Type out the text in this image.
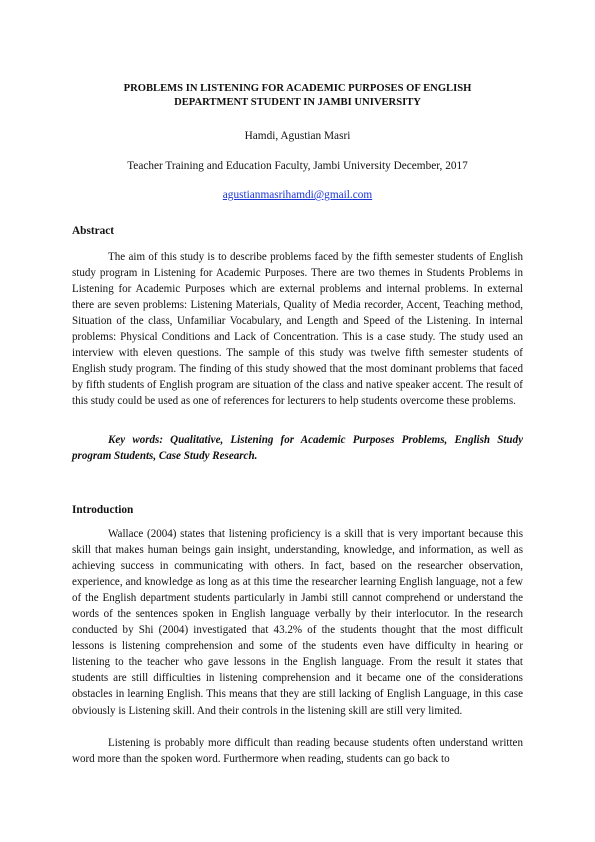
PROBLEMS IN LISTENING FOR ACADEMIC PURPOSES OF ENGLISH
DEPARTMENT STUDENT IN JAMBI UNIVERSITY
Hamdi, Agustian Masri
Teacher Training and Education Faculty, Jambi University December, 2017
agustianmasrihamdi@gmail.com
Abstract

The aim of this study is to describe problems faced by the fifth semester students of English study program in Listening for Academic Purposes. There are two themes in Students Problems in Listening for Academic Purposes which are external problems and internal problems. In external there are seven problems: Listening Materials, Quality of Media recorder, Accent, Teaching method, Situation of the class, Unfamiliar Vocabulary, and Length and Speed of the Listening. In internal problems: Physical Conditions and Lack of Concentration. This is a case study. The study used an interview with eleven questions. The sample of this study was twelve fifth semester students of English study program. The finding of this study showed that the most dominant problems that faced by fifth students of English program are situation of the class and native speaker accent. The result of this study could be used as one of references for lecturers to help students overcome these problems.

Key words: Qualitative, Listening for Academic Purposes Problems, English Study program Students, Case Study Research.

Introduction

Wallace (2004) states that listening proficiency is a skill that is very important because this skill that makes human beings gain insight, understanding, knowledge, and information, as well as achieving success in communicating with others. In fact, based on the researcher observation, experience, and knowledge as long as at this time the researcher learning English language, not a few of the English department students particularly in Jambi still cannot comprehend or understand the words of the sentences spoken in English language verbally by their interlocutor. In the research conducted by Shi (2004) investigated that 43.2% of the students thought that the most difficult lessons is listening comprehension and some of the students even have difficulty in hearing or listening to the teacher who gave lessons in the English language. From the result it states that students are still difficulties in listening comprehension and it became one of the considerations obstacles in learning English. This means that they are still lacking of English Language, in this case obviously is Listening skill. And their controls in the listening skill are still very limited.

Listening is probably more difficult than reading because students often understand written word more than the spoken word. Furthermore when reading, students can go back to
